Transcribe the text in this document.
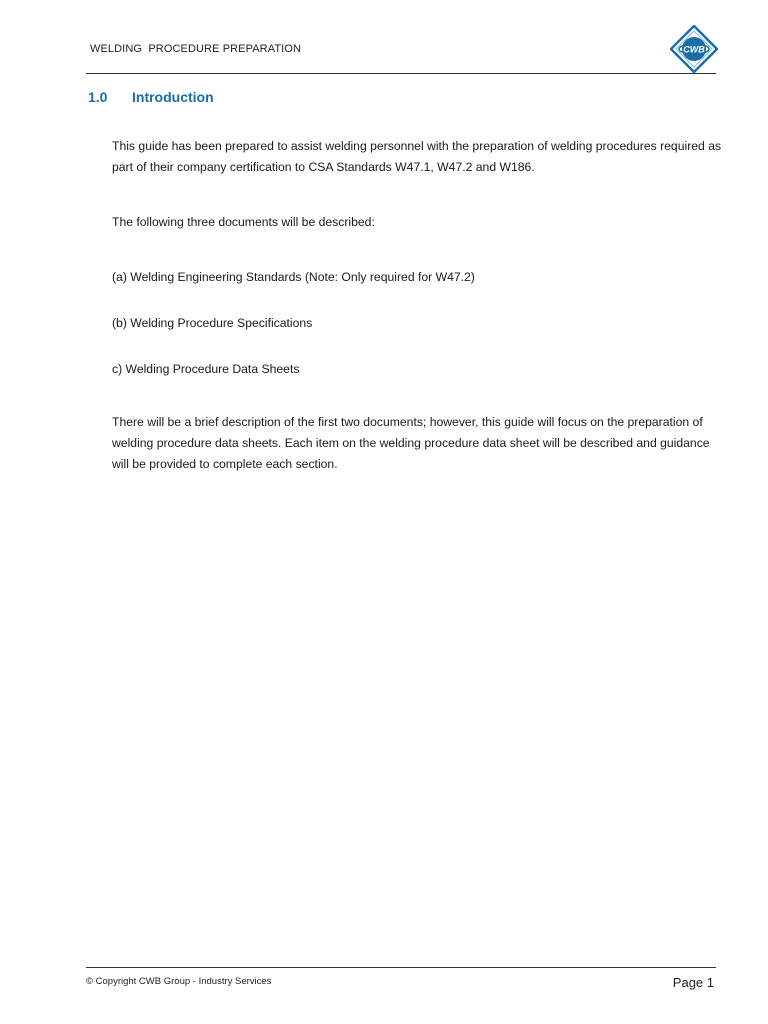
WELDING  PROCEDURE PREPARATION	CWB
1.0	Introduction

This guide has been prepared to assist welding personnel with the preparation of welding procedures required as part of their company certification to CSA Standards W47.1, W47.2 and W186.

The following three documents will be described:

(a) Welding Engineering Standards (Note: Only required for W47.2)

(b) Welding Procedure Specifications

c) Welding Procedure Data Sheets

There will be a brief description of the first two documents; however, this guide will focus on the preparation of welding procedure data sheets. Each item on the welding procedure data sheet will be described and guidance will be provided to complete each section.

© Copyright CWB Group - Industry Services	Page 1
